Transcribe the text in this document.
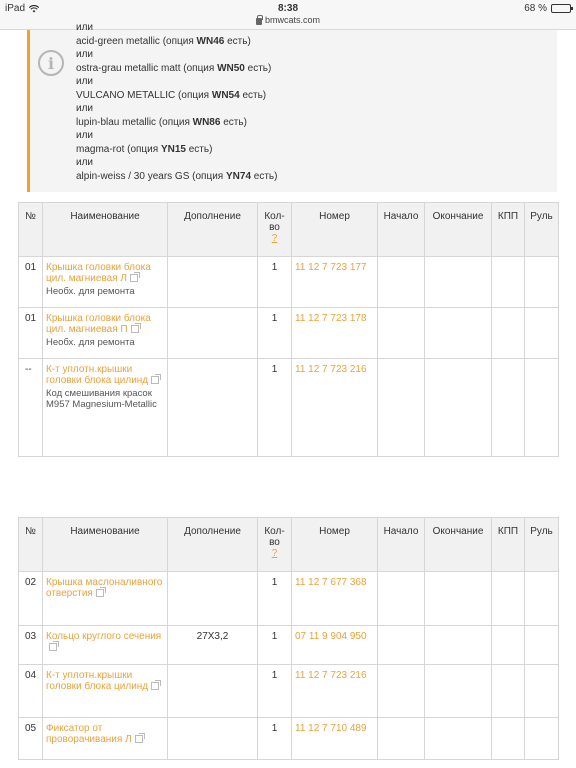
iPad	8:38
bmwcats.com
68 %
i
или
acid-green metallic (опция WN46 есть)
или
ostra-grau metallic matt (опция WN50 есть)
или
VULCANO METALLIC (опция WN54 есть)
или
lupin-blau metallic (опция WN86 есть)
или
magma-rot (опция YN15 есть)
или
alpin-weiss / 30 years GS (опция YN74 есть)
№	Наименование	Дополнение	Кол-
во
?	Номер	Начало	Окончание	КПП	Руль
01	Крышка головки блока цил. магниевая Л
Необх. для ремонта		1	11 12 7 723 177				
01	Крышка головки блока цил. магниевая П
Необх. для ремонта		1	11 12 7 723 178				
--	К-т уплотн.крышки головки блока цилинд
Код смешивания красок M957 Magnesium-Metallic		1	11 12 7 723 216				
№	Наименование	Дополнение	Кол-
во
?	Номер	Начало	Окончание	КПП	Руль
02	Крышка маслоналивного отверстия		1	11 12 7 677 368				
03	Кольцо круглого сечения	27X3,2	1	07 11 9 904 950				
04	К-т уплотн.крышки головки блока цилинд		1	11 12 7 723 216				
05	Фиксатор от проворачивания Л		1	11 12 7 710 489				
